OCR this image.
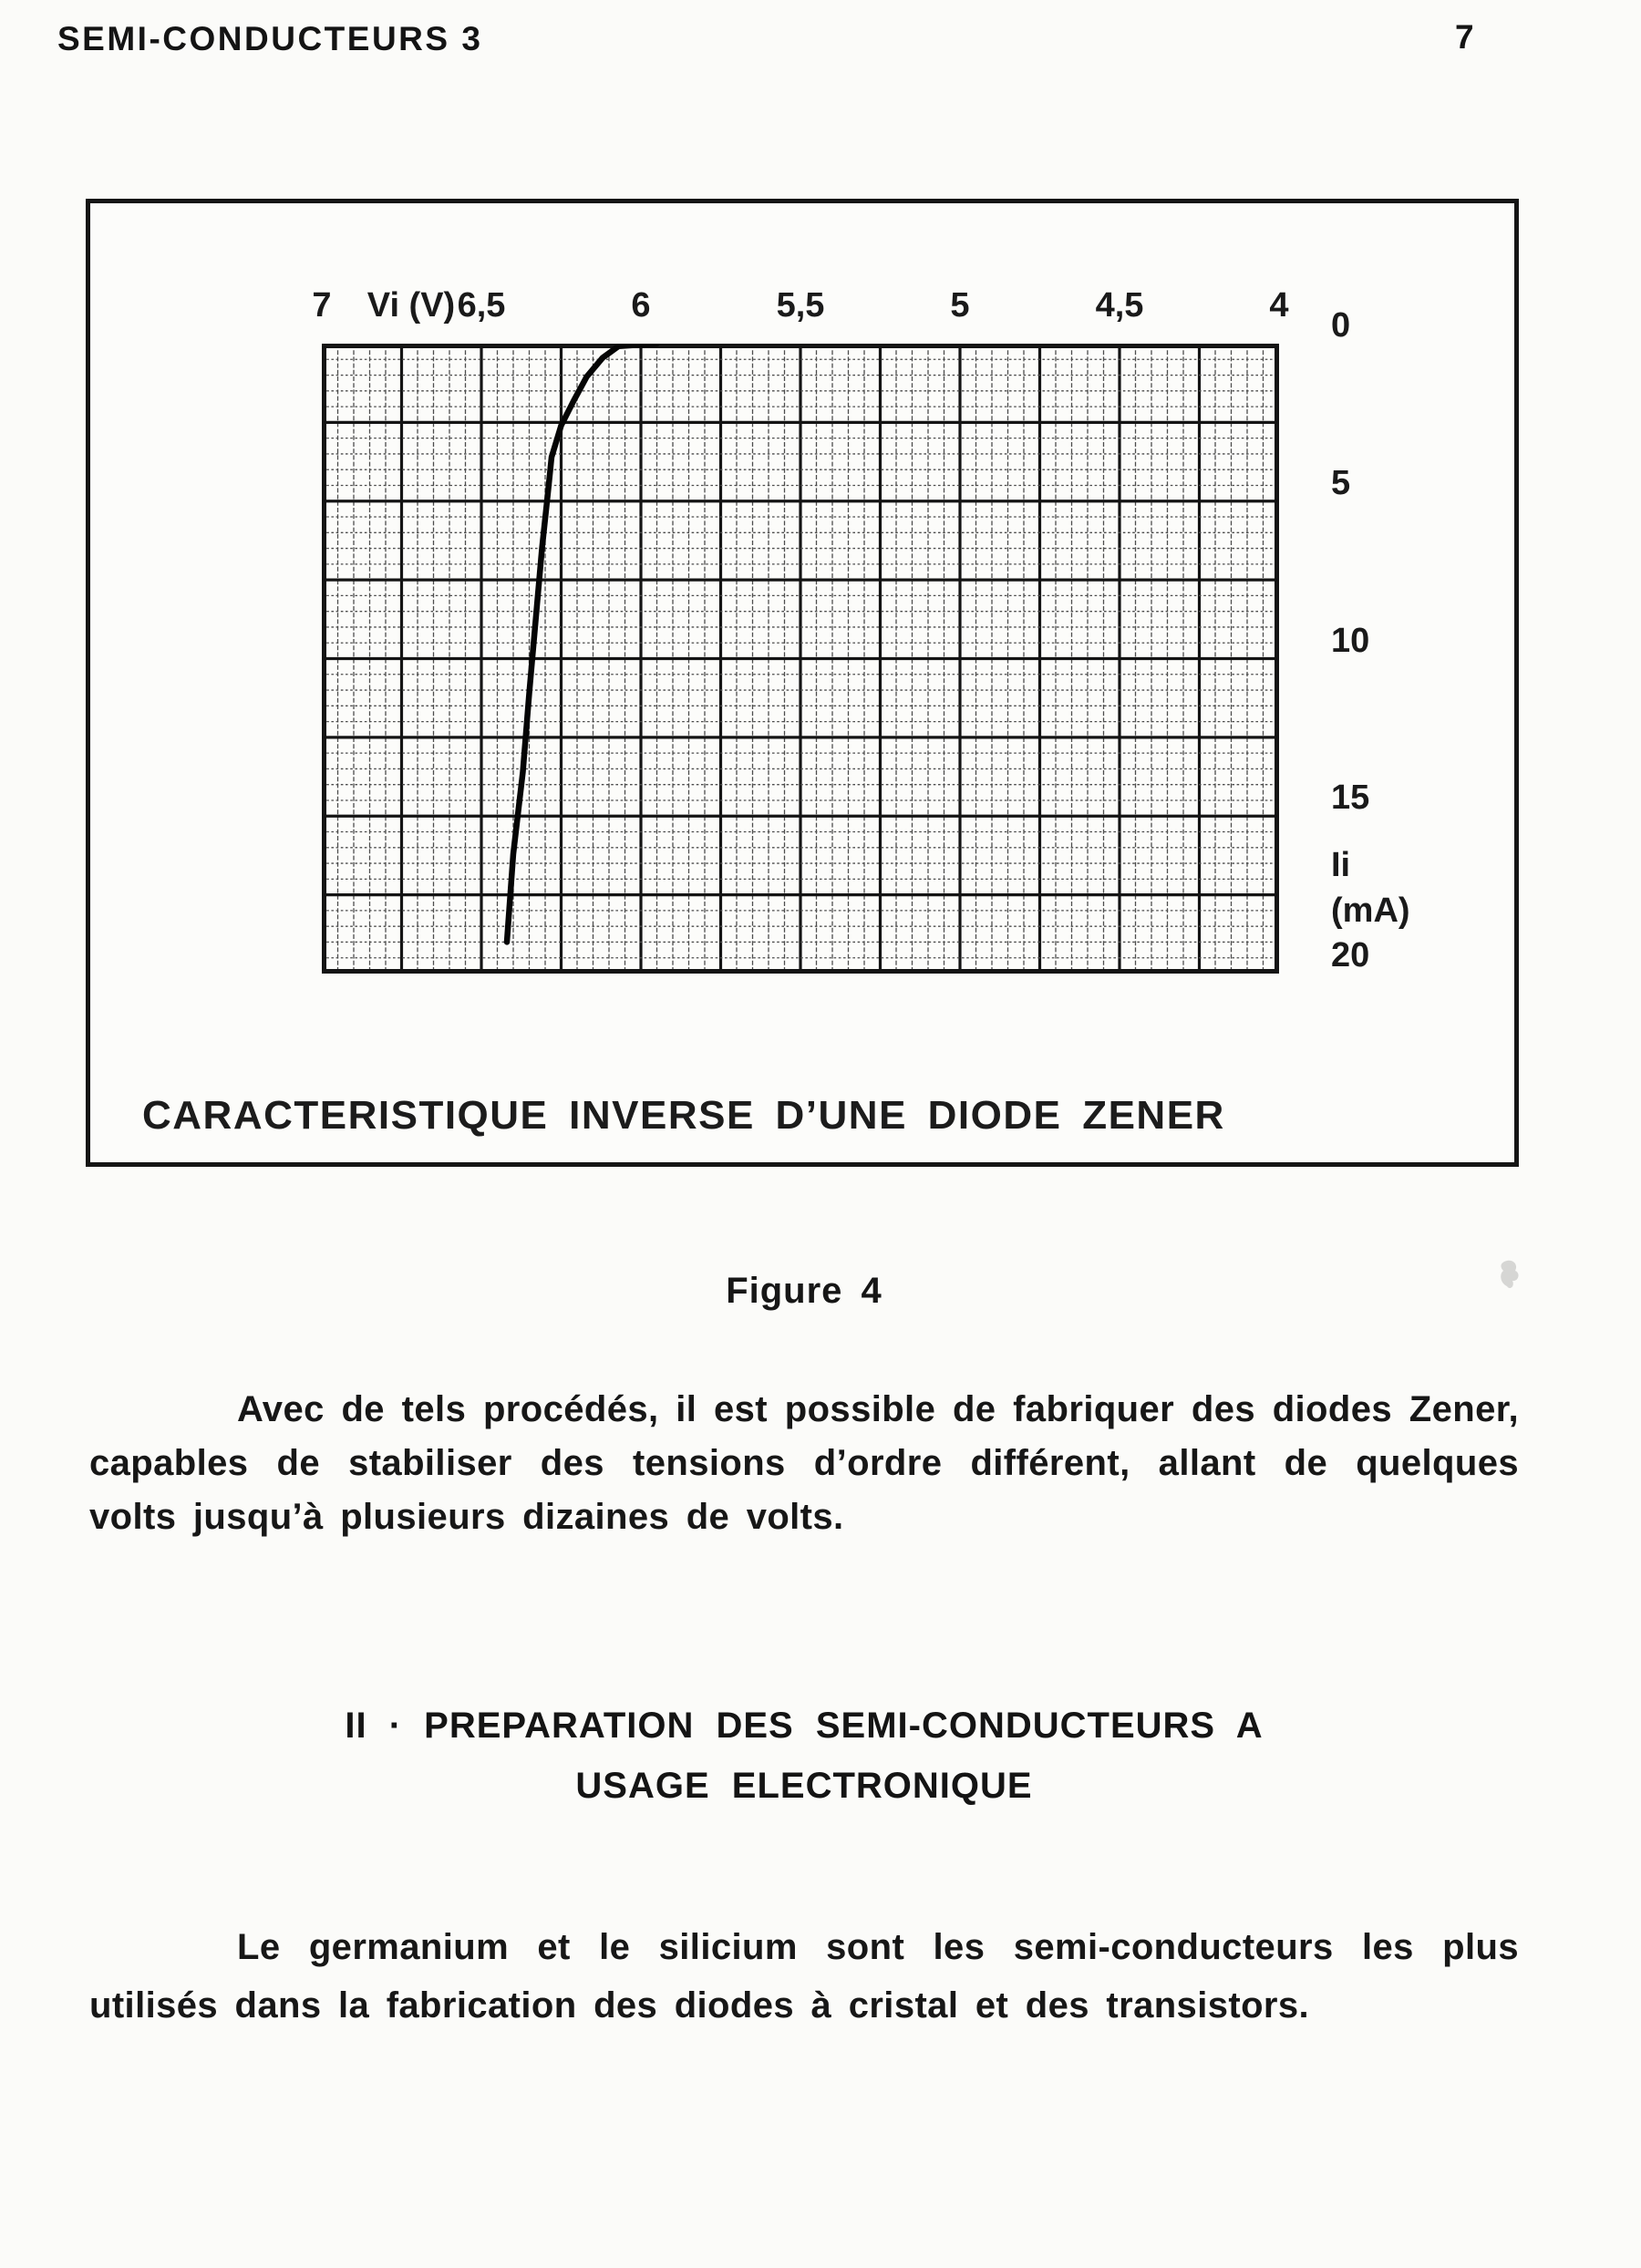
SEMI-CONDUCTEURS 3	7
7	6,5	6	5,5	5	4,5	4
Vi (V)
0
5
10
15
20
Ii
(mA)
CARACTERISTIQUE INVERSE D’UNE DIODE ZENER
Figure 4
Avec de tels procédés, il est possible de fabriquer des diodes Zener,
capables de stabiliser des tensions d’ordre différent, allant de quelques
volts jusqu’à plusieurs dizaines de volts.
II · PREPARATION DES SEMI-CONDUCTEURS A
USAGE ELECTRONIQUE
Le germanium et le silicium sont les semi-conducteurs les plus
utilisés dans la fabrication des diodes à cristal et des transistors.
